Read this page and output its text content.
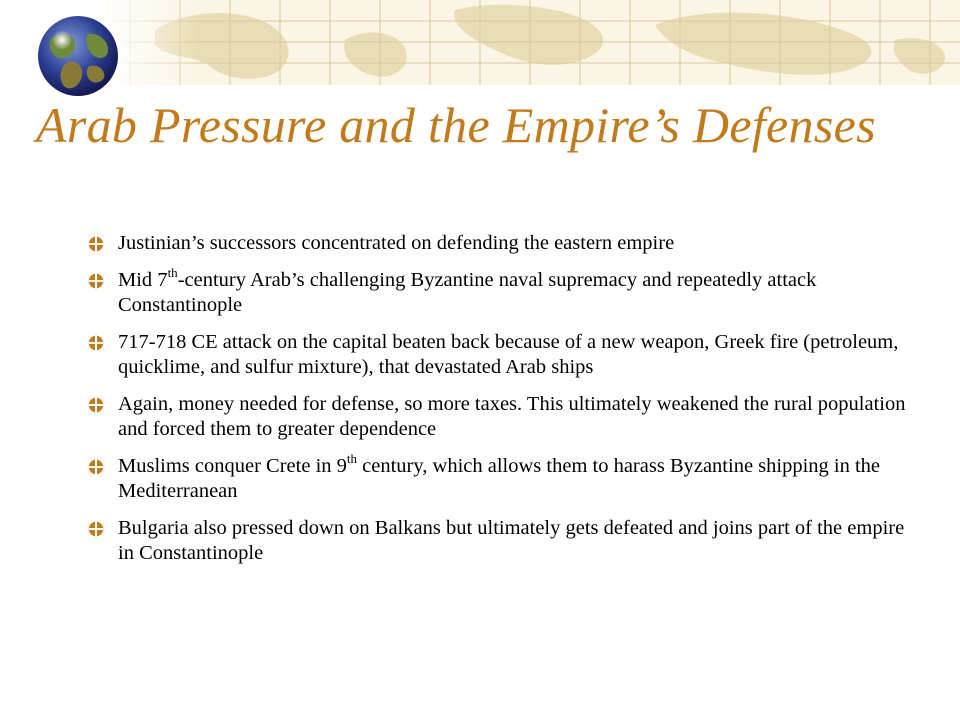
Arab Pressure and the Empire’s Defenses
Justinian’s successors concentrated on defending the eastern empire
Mid 7th-century Arab’s challenging Byzantine naval supremacy and repeatedly attack Constantinople
717-718 CE attack on the capital beaten back because of a new weapon, Greek fire (petroleum, quicklime, and sulfur mixture), that devastated Arab ships
Again, money needed for defense, so more taxes. This ultimately weakened the rural population and forced them to greater dependence
Muslims conquer Crete in 9th century, which allows them to harass Byzantine shipping in the Mediterranean
Bulgaria also pressed down on Balkans but ultimately gets defeated and joins part of the empire in Constantinople
